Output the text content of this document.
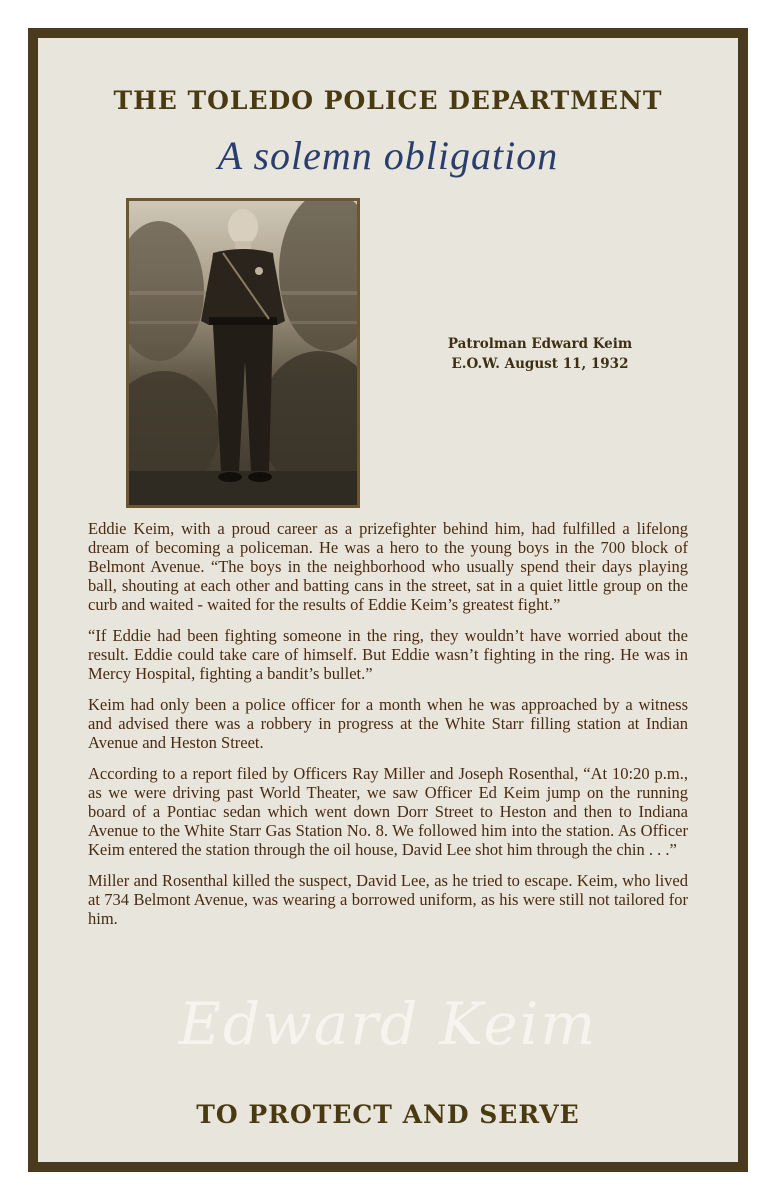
THE TOLEDO POLICE DEPARTMENT
A solemn obligation
Patrolman Edward Keim
E.O.W. August 11, 1932

Eddie Keim, with a proud career as a prizefighter behind him, had fulfilled a lifelong dream of becoming a policeman. He was a hero to the young boys in the 700 block of Belmont Avenue. “The boys in the neighborhood who usually spend their days playing ball, shouting at each other and batting cans in the street, sat in a quiet little group on the curb and waited - waited for the results of Eddie Keim’s greatest fight.”

“If Eddie had been fighting someone in the ring, they wouldn’t have worried about the result. Eddie could take care of himself. But Eddie wasn’t fighting in the ring. He was in Mercy Hospital, fighting a bandit’s bullet.”

Keim had only been a police officer for a month when he was approached by a witness and advised there was a robbery in progress at the White Starr filling station at Indian Avenue and Heston Street.

According to a report filed by Officers Ray Miller and Joseph Rosenthal, “At 10:20 p.m., as we were driving past World Theater, we saw Officer Ed Keim jump on the running board of a Pontiac sedan which went down Dorr Street to Heston and then to Indiana Avenue to the White Starr Gas Station No. 8. We followed him into the station. As Officer Keim entered the station through the oil house, David Lee shot him through the chin . . .”

Miller and Rosenthal killed the suspect, David Lee, as he tried to escape. Keim, who lived at 734 Belmont Avenue, was wearing a borrowed uniform, as his were still not tailored for him.

Edward Keim
TO PROTECT AND SERVE
